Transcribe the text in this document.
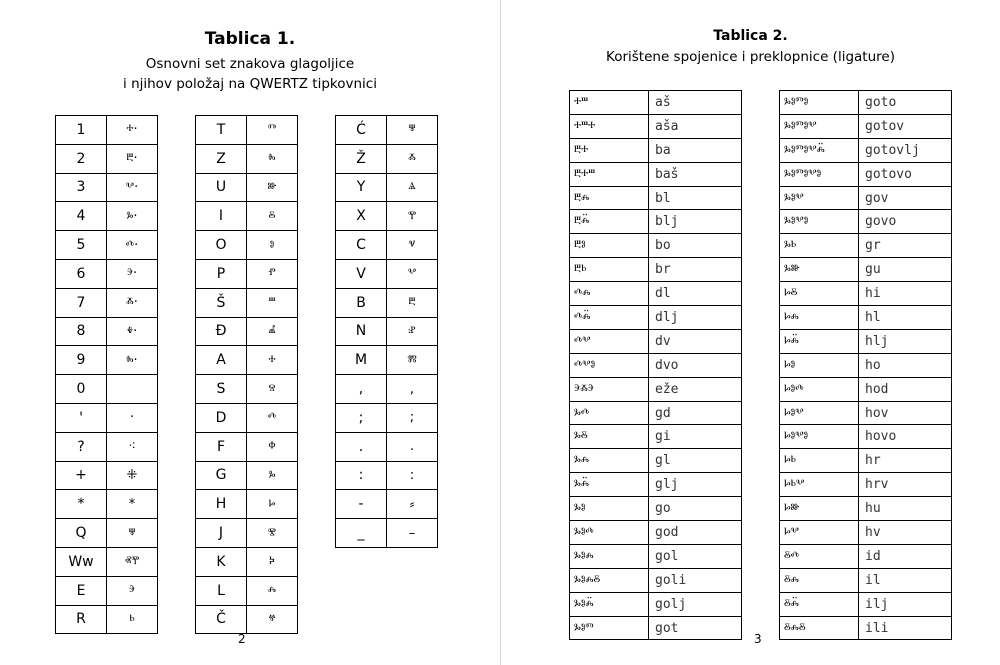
Tablica 1.
Osnovni set znakova glagoljice
i njihov položaj na QWERTZ tipkovnici
1	ⰰ·
2	ⰱ·
3	ⰲ·
4	ⰳ·
5	ⰴ·
6	ⰵ·
7	ⰶ·
8	ⰷ·
9	ⰸ·
0	
'	·
?	⁖
+	⁜
*	*
Q	ⱋ
Ww	ⱏⰹ
E	ⰵ
R	ⱃ
T	ⱅ
Z	ⰸ
U	ⱆ
I	ⰻ
O	ⱁ
P	ⱂ
Š	ⱎ
Đ	ⰼ
A	ⰰ
S	ⱄ
D	ⰴ
F	ⱇ
G	ⰳ
H	ⱈ
J	ⰺ
K	ⰽ
L	ⰾ
Č	ⱍ
Ć	ⱋ
Ž	ⰶ
Y	ⱑ
X	ⰹ
C	ⱌ
V	ⰲ
B	ⰱ
N	ⱀ
M	ⰿ
,	,
;	;
.	.
:	:
-	⸗
_	–
2
Tablica 2.
Korištene spojenice i preklopnice (ligature)
ⰰⱎ	aš
ⰰⱎⰰ	aša
ⰱⰰ	ba
ⰱⰰⱎ	baš
ⰱⰾ	bl
ⰱⰾ̈	blj
ⰱⱁ	bo
ⰱⱃ	br
ⰴⰾ	dl
ⰴⰾ̈	dlj
ⰴⰲ	dv
ⰴⰲⱁ	dvo
ⰵⰶⰵ	eže
ⰳⰴ	gd
ⰳⰻ	gi
ⰳⰾ	gl
ⰳⰾ̈	glj
ⰳⱁ	go
ⰳⱁⰴ	god
ⰳⱁⰾ	gol
ⰳⱁⰾⰻ	goli
ⰳⱁⰾ̈	golj
ⰳⱁⱅ	got
ⰳⱁⱅⱁ	goto
ⰳⱁⱅⱁⰲ	gotov
ⰳⱁⱅⱁⰲⰾ̈	gotovlj
ⰳⱁⱅⱁⰲⱁ	gotovo
ⰳⱁⰲ	gov
ⰳⱁⰲⱁ	govo
ⰳⱃ	gr
ⰳⱆ	gu
ⱈⰻ	hi
ⱈⰾ	hl
ⱈⰾ̈	hlj
ⱈⱁ	ho
ⱈⱁⰴ	hod
ⱈⱁⰲ	hov
ⱈⱁⰲⱁ	hovo
ⱈⱃ	hr
ⱈⱃⰲ	hrv
ⱈⱆ	hu
ⱈⰲ	hv
ⰻⰴ	id
ⰻⰾ	il
ⰻⰾ̈	ilj
ⰻⰾⰻ	ili
3
